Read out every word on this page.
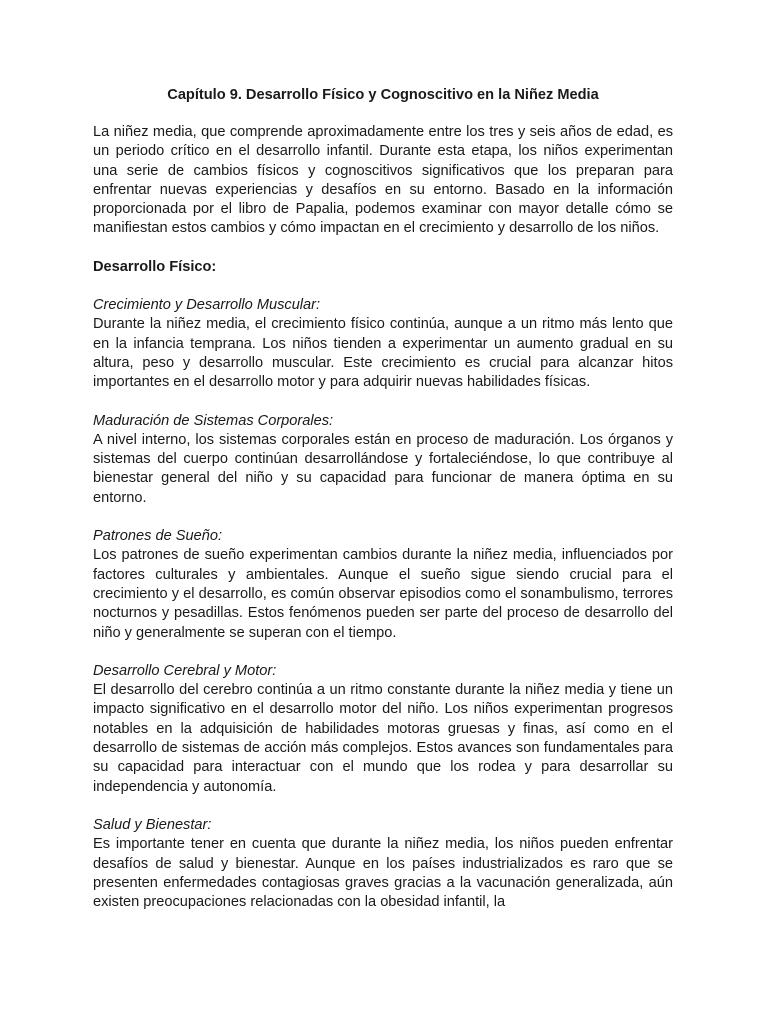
Capítulo 9. Desarrollo Físico y Cognoscitivo en la Niñez Media

La niñez media, que comprende aproximadamente entre los tres y seis años de edad, es un periodo crítico en el desarrollo infantil. Durante esta etapa, los niños experimentan una serie de cambios físicos y cognoscitivos significativos que los preparan para enfrentar nuevas experiencias y desafíos en su entorno. Basado en la información proporcionada por el libro de Papalia, podemos examinar con mayor detalle cómo se manifiestan estos cambios y cómo impactan en el crecimiento y desarrollo de los niños.

Desarrollo Físico:
Crecimiento y Desarrollo Muscular:
Durante la niñez media, el crecimiento físico continúa, aunque a un ritmo más lento que en la infancia temprana. Los niños tienden a experimentar un aumento gradual en su altura, peso y desarrollo muscular. Este crecimiento es crucial para alcanzar hitos importantes en el desarrollo motor y para adquirir nuevas habilidades físicas.
Maduración de Sistemas Corporales:
A nivel interno, los sistemas corporales están en proceso de maduración. Los órganos y sistemas del cuerpo continúan desarrollándose y fortaleciéndose, lo que contribuye al bienestar general del niño y su capacidad para funcionar de manera óptima en su entorno.
Patrones de Sueño:
Los patrones de sueño experimentan cambios durante la niñez media, influenciados por factores culturales y ambientales. Aunque el sueño sigue siendo crucial para el crecimiento y el desarrollo, es común observar episodios como el sonambulismo, terrores nocturnos y pesadillas. Estos fenómenos pueden ser parte del proceso de desarrollo del niño y generalmente se superan con el tiempo.
Desarrollo Cerebral y Motor:
El desarrollo del cerebro continúa a un ritmo constante durante la niñez media y tiene un impacto significativo en el desarrollo motor del niño. Los niños experimentan progresos notables en la adquisición de habilidades motoras gruesas y finas, así como en el desarrollo de sistemas de acción más complejos. Estos avances son fundamentales para su capacidad para interactuar con el mundo que los rodea y para desarrollar su independencia y autonomía.
Salud y Bienestar:
Es importante tener en cuenta que durante la niñez media, los niños pueden enfrentar desafíos de salud y bienestar. Aunque en los países industrializados es raro que se presenten enfermedades contagiosas graves gracias a la vacunación generalizada, aún existen preocupaciones relacionadas con la obesidad infantil, la
